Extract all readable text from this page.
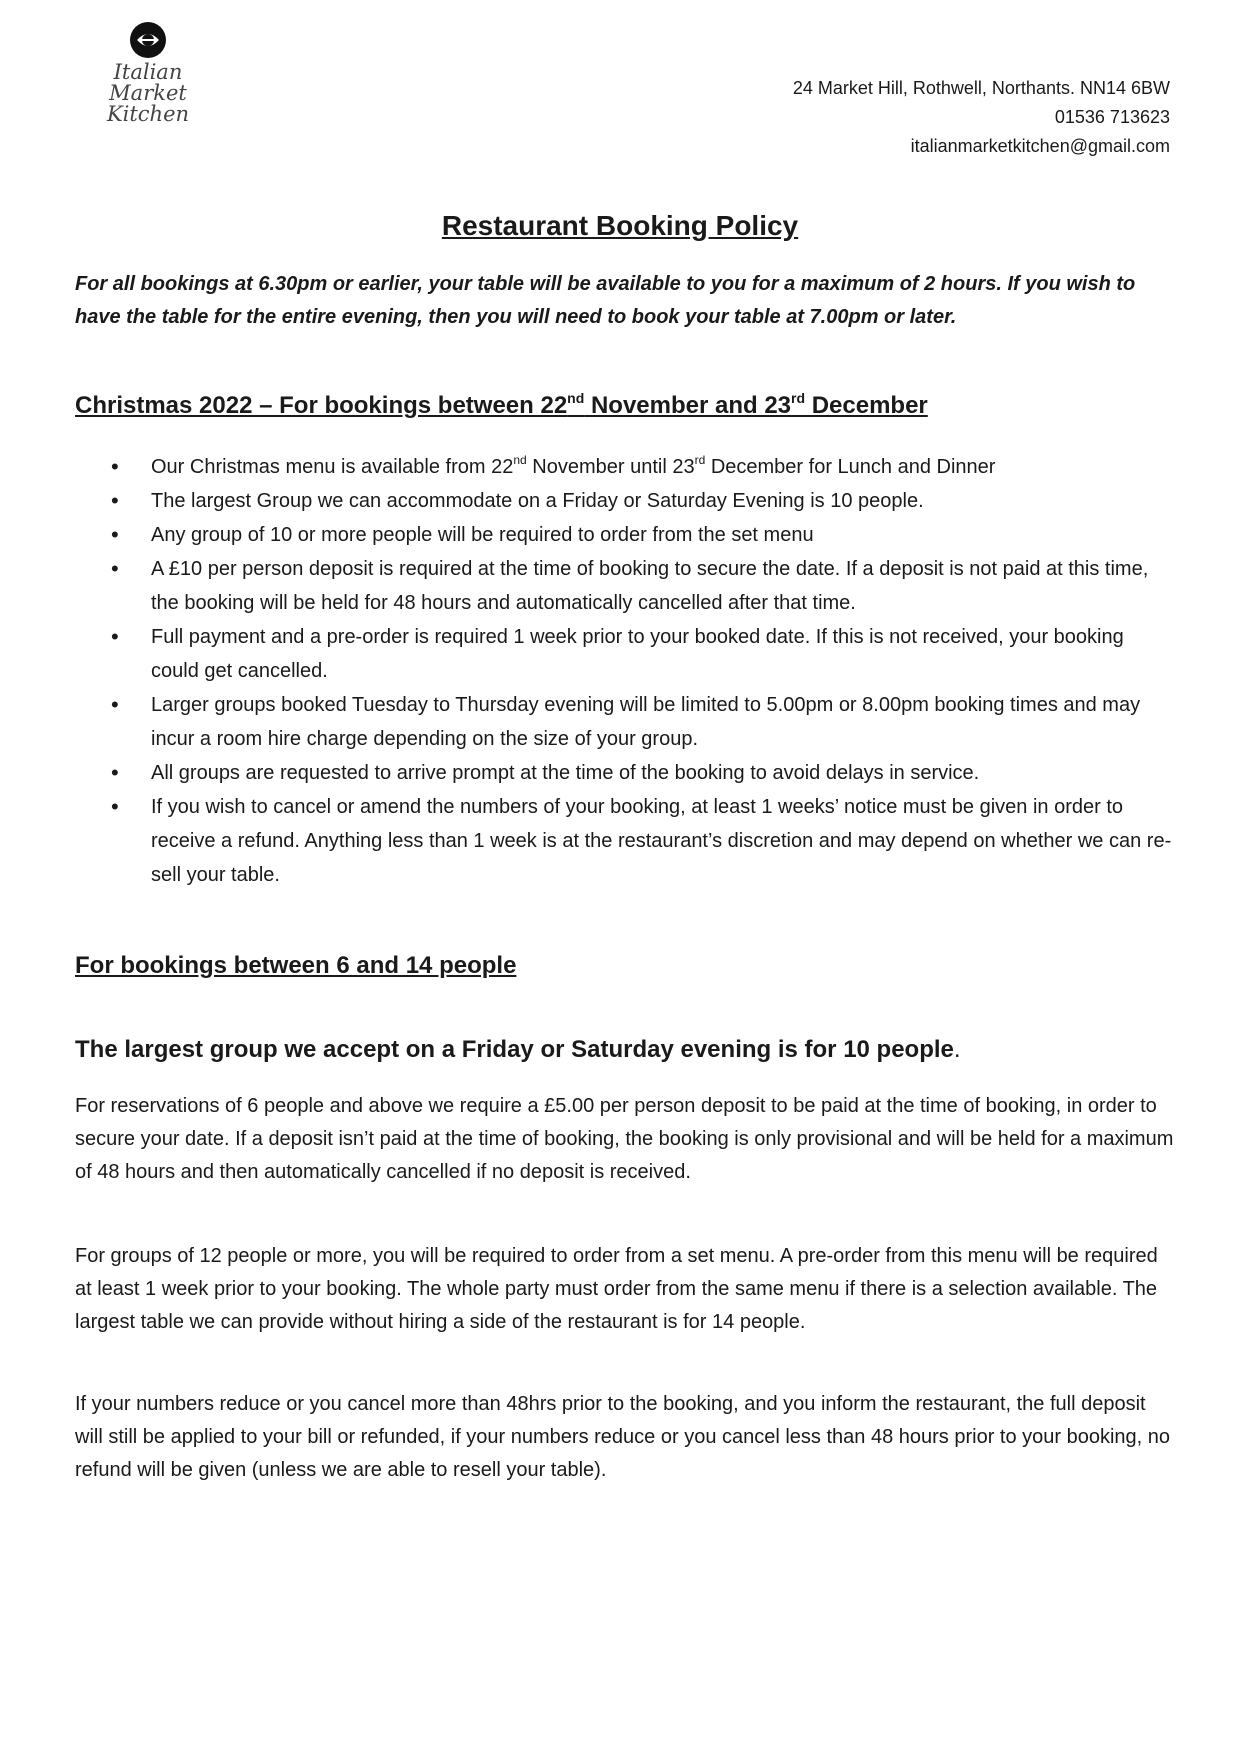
Italian
Market
Kitchen
24 Market Hill, Rothwell, Northants. NN14 6BW
01536 713623
italianmarketkitchen@gmail.com
Restaurant Booking Policy

For all bookings at 6.30pm or earlier, your table will be available to you for a maximum of 2 hours. If you wish to have the table for the entire evening, then you will need to book your table at 7.00pm or later.

Christmas 2022 – For bookings between 22nd November and 23rd December
• Our Christmas menu is available from 22nd November until 23rd December for Lunch and Dinner
• The largest Group we can accommodate on a Friday or Saturday Evening is 10 people.
• Any group of 10 or more people will be required to order from the set menu
• A £10 per person deposit is required at the time of booking to secure the date. If a deposit is not paid at this time, the booking will be held for 48 hours and automatically cancelled after that time.
• Full payment and a pre-order is required 1 week prior to your booked date. If this is not received, your booking could get cancelled.
• Larger groups booked Tuesday to Thursday evening will be limited to 5.00pm or 8.00pm booking times and may incur a room hire charge depending on the size of your group.
• All groups are requested to arrive prompt at the time of the booking to avoid delays in service.
• If you wish to cancel or amend the numbers of your booking, at least 1 weeks’ notice must be given in order to receive a refund. Anything less than 1 week is at the restaurant’s discretion and may depend on whether we can re-sell your table.
For bookings between 6 and 14 people
The largest group we accept on a Friday or Saturday evening is for 10 people.

For reservations of 6 people and above we require a £5.00 per person deposit to be paid at the time of booking, in order to secure your date. If a deposit isn’t paid at the time of booking, the booking is only provisional and will be held for a maximum of 48 hours and then automatically cancelled if no deposit is received.

For groups of 12 people or more, you will be required to order from a set menu. A pre-order from this menu will be required at least 1 week prior to your booking. The whole party must order from the same menu if there is a selection available. The largest table we can provide without hiring a side of the restaurant is for 14 people.

If your numbers reduce or you cancel more than 48hrs prior to the booking, and you inform the restaurant, the full deposit will still be applied to your bill or refunded, if your numbers reduce or you cancel less than 48 hours prior to your booking, no refund will be given (unless we are able to resell your table).
